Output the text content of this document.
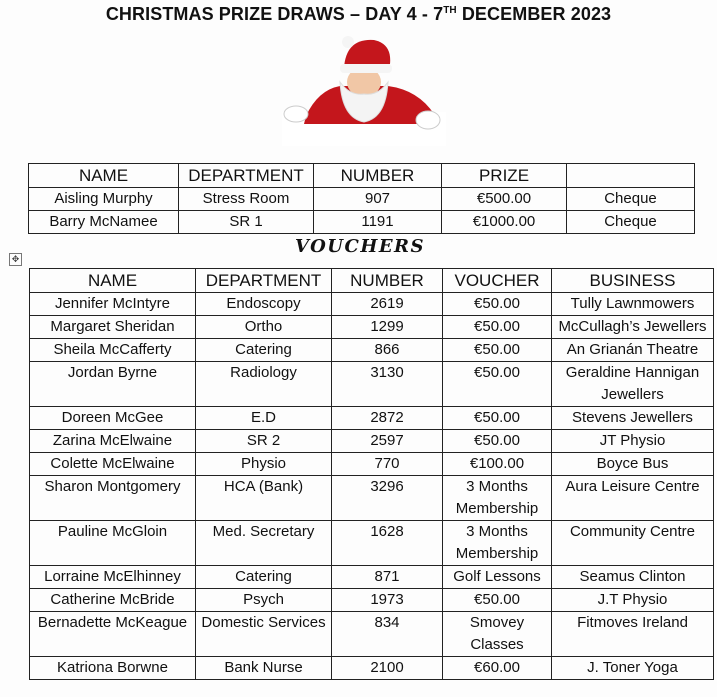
CHRISTMAS PRIZE DRAWS – DAY 4 - 7TH DECEMBER 2023
NAME	DEPARTMENT	NUMBER	PRIZE	
Aisling Murphy	Stress Room	907	€500.00	Cheque
Barry McNamee	SR 1	1191	€1000.00	Cheque
VOUCHERS
✥
NAME	DEPARTMENT	NUMBER	VOUCHER	BUSINESS
Jennifer McIntyre	Endoscopy	2619	€50.00	Tully Lawnmowers
Margaret Sheridan	Ortho	1299	€50.00	McCullagh’s Jewellers
Sheila McCafferty	Catering	866	€50.00	An Grianán Theatre
Jordan Byrne	Radiology	3130	€50.00	Geraldine Hannigan Jewellers
Doreen McGee	E.D	2872	€50.00	Stevens Jewellers
Zarina McElwaine	SR 2	2597	€50.00	JT Physio
Colette McElwaine	Physio	770	€100.00	Boyce Bus
Sharon Montgomery	HCA (Bank)	3296	3 Months Membership	Aura Leisure Centre
Pauline McGloin	Med. Secretary	1628	3 Months Membership	Community Centre
Lorraine McElhinney	Catering	871	Golf Lessons	Seamus Clinton
Catherine McBride	Psych	1973	€50.00	J.T Physio
Bernadette McKeague	Domestic Services	834	Smovey Classes	Fitmoves Ireland
Katriona Borwne	Bank Nurse	2100	€60.00	J. Toner Yoga
